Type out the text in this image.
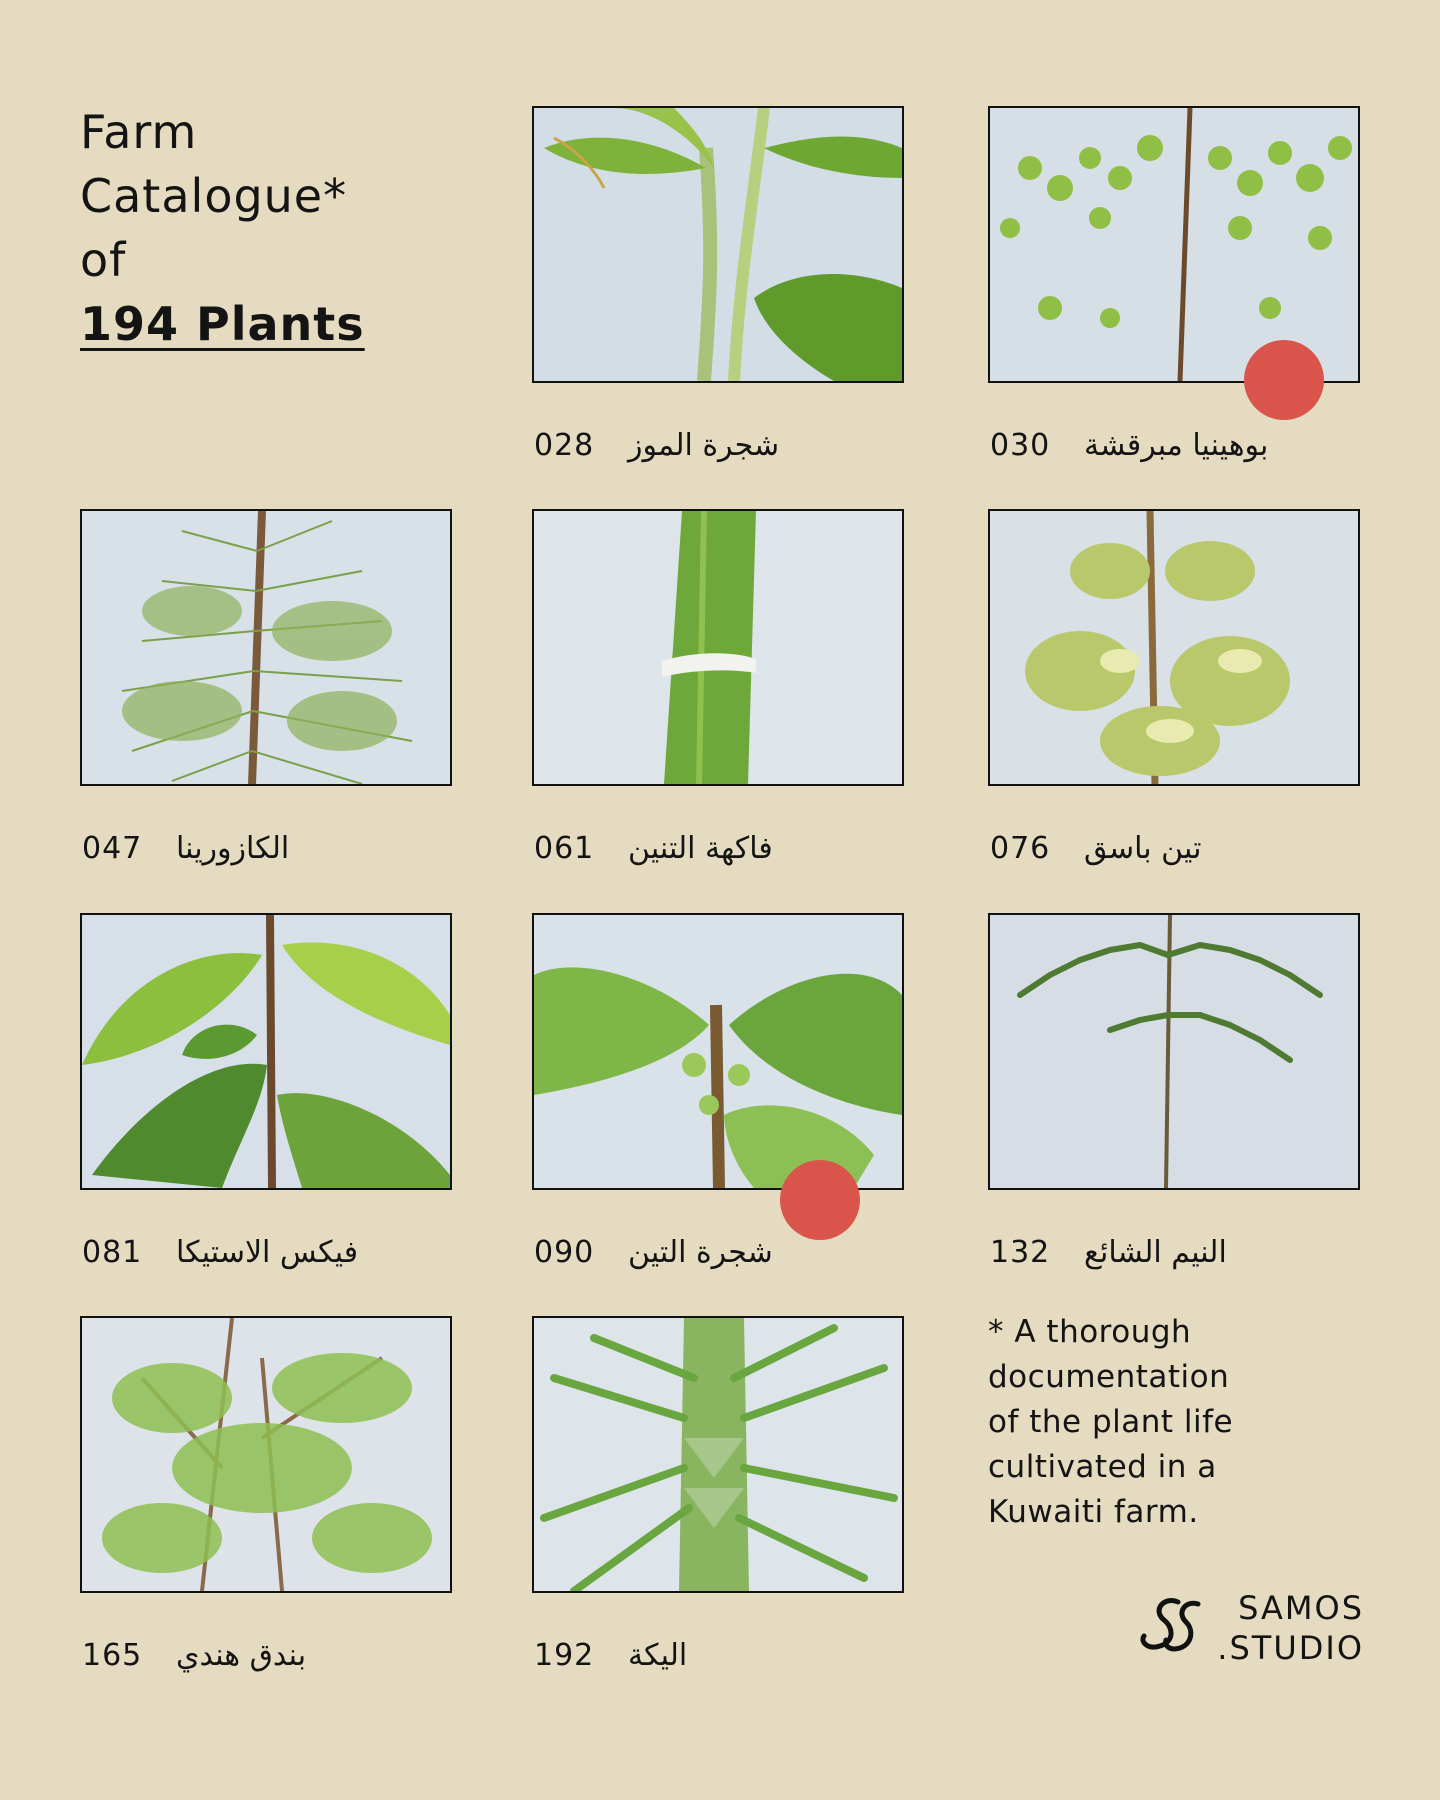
Farm
Catalogue*
of
194 Plants
028 شجرة الموز	030 بوهينيا مبرقشة
047 الكازورينا	061 فاكهة التنين	076 تين باسق
081 فيكس الاستيكا	090 شجرة التين	132 النيم الشائع
165 بندق هندي	192 اليكة
* A thorough
documentation
of the plant life
cultivated in a
Kuwaiti farm.
SAMOS
.STUDIO
